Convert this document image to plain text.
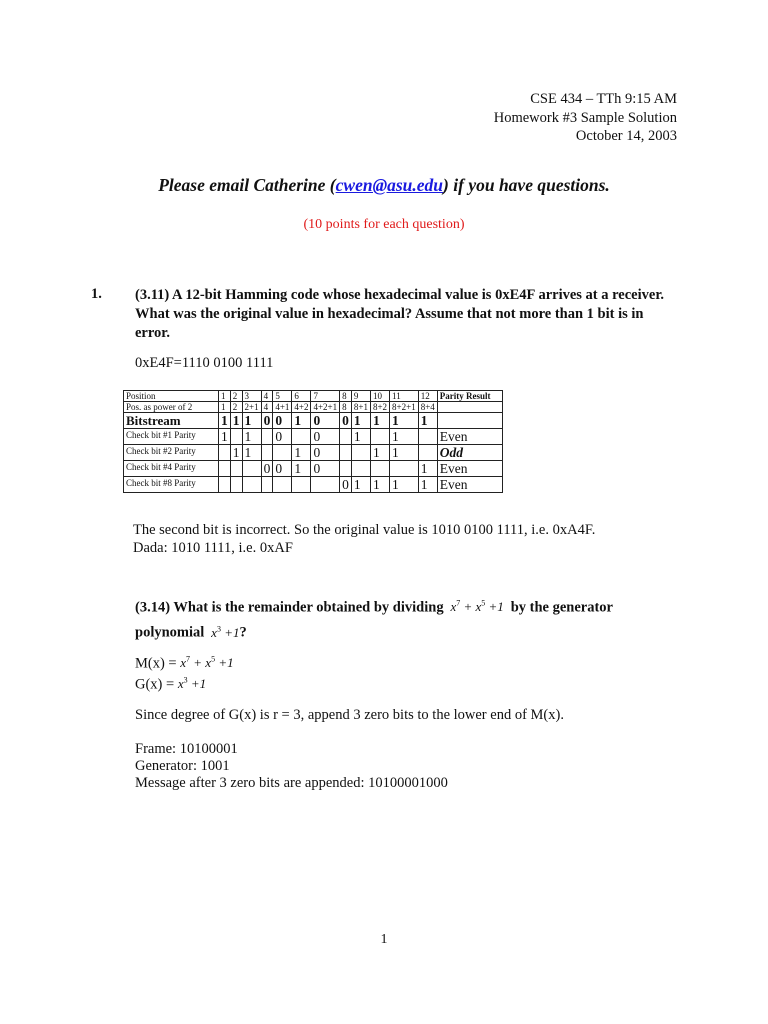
CSE 434 – TTh 9:15 AM
Homework #3 Sample Solution
October 14, 2003
Please email Catherine (cwen@asu.edu) if you have questions.
(10 points for each question)
1. (3.11) A 12-bit Hamming code whose hexadecimal value is 0xE4F arrives at a receiver. What was the original value in hexadecimal? Assume that not more than 1 bit is in error.
0xE4F=1110 0100 1111
Position	1	2	3	4	5	6	7	8	9	10	11	12	Parity Result
Pos. as power of 2	1	2	2+1	4	4+1	4+2	4+2+1	8	8+1	8+2	8+2+1	8+4	
Bitstream	1	1	1	0	0	1	0	0	1	1	1	1	
Check bit #1 Parity	1		1		0		0		1		1		Even
Check bit #2 Parity		1	1			1	0			1	1		Odd
Check bit #4 Parity				0	0	1	0					1	Even
Check bit #8 Parity								0	1	1	1	1	Even
The second bit is incorrect. So the original value is 1010 0100 1111, i.e. 0xA4F.
Dada: 1010 1111, i.e. 0xAF
(3.14) What is the remainder obtained by dividing  $x^7 + x^5 +1$  by the generator polynomial  $x^3 +1$?
$M(x) = x^7 + x^5 +1$
$G(x) = x^3 +1$
Since degree of G(x) is r = 3, append 3 zero bits to the lower end of M(x).
Frame: 10100001
Generator: 1001
Message after 3 zero bits are appended: 10100001000
1
